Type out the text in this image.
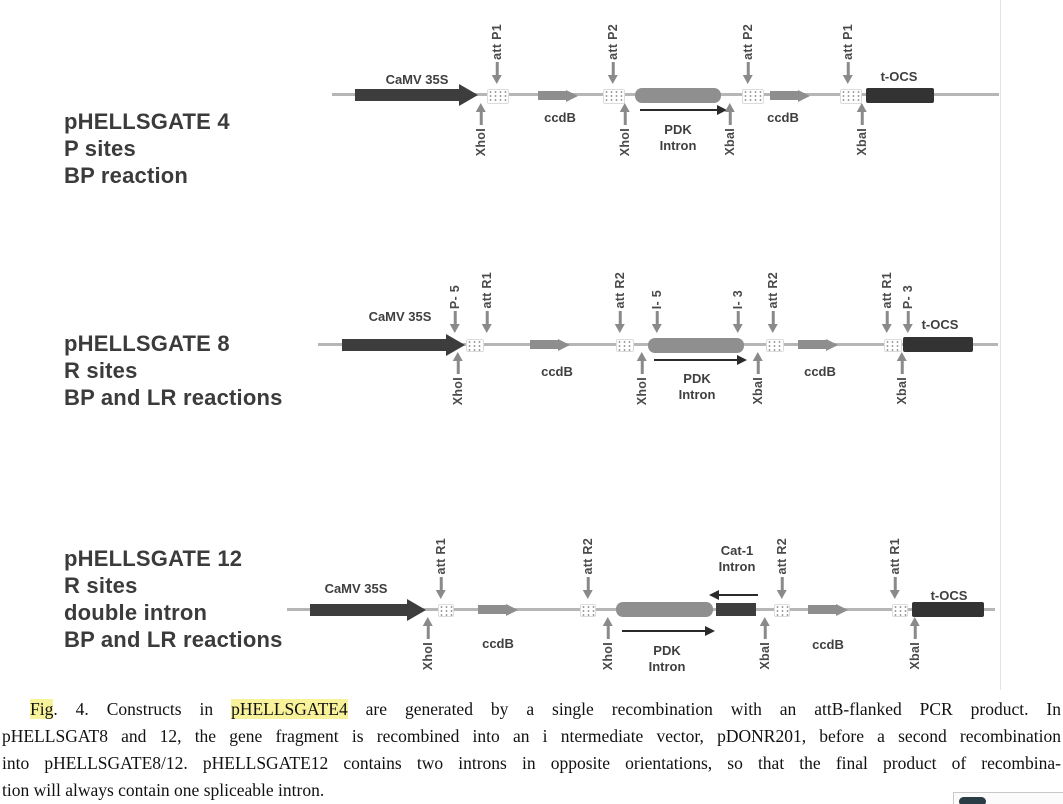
pHELLSGATE 4
P sites
BP reaction
CaMV 35S
ccdB	ccdB
PDK
Intron
t-OCS
att P1	att P2	att P2	att P1
XhoI	XhoI	XbaI	XbaI
pHELLSGATE 8
R sites
BP and LR reactions
CaMV 35S
ccdB	ccdB
PDK
Intron
t-OCS
P- 5 att R1	att R2 I- 5	I- 3 att R2	att R1 P- 3
XhoI	XhoI	XbaI	XbaI
pHELLSGATE 12
R sites
double intron
BP and LR reactions
CaMV 35S
ccdB	ccdB
PDK
Intron
Cat-1
Intron
t-OCS
att R1	att R2	att R2	att R1
XhoI	XhoI	XbaI	XbaI
Fig. 4. Constructs in pHELLSGATE4 are generated by a single recombination with an attB-flanked PCR product. In
pHELLSGAT8 and 12, the gene fragment is recombined into an i ntermediate vector, pDONR201, before a second recombination
into pHELLSGATE8/12. pHELLSGATE12 contains two introns in opposite orientations, so that the final product of recombina-
tion will always contain one spliceable intron.
